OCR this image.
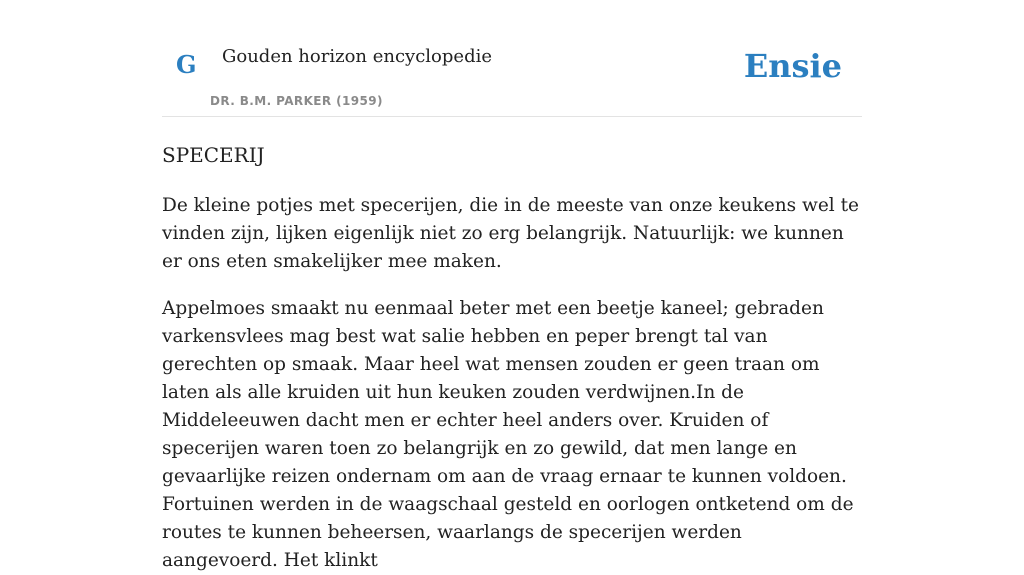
G Gouden horizon encyclopedie
DR. B.M. PARKER (1959)
Ensie
SPECERIJ

De kleine potjes met specerijen, die in de meeste van onze keukens wel te vinden zijn, lijken eigenlijk niet zo erg belangrijk. Natuurlijk: we kunnen er ons eten smakelijker mee maken.

Appelmoes smaakt nu eenmaal beter met een beetje kaneel; gebraden varkensvlees mag best wat salie hebben en peper brengt tal van gerechten op smaak. Maar heel wat mensen zouden er geen traan om laten als alle kruiden uit hun keuken zouden verdwijnen.In de Middeleeuwen dacht men er echter heel anders over. Kruiden of specerijen waren toen zo belangrijk en zo gewild, dat men lange en gevaarlijke reizen ondernam om aan de vraag ernaar te kunnen voldoen. Fortuinen werden in de waagschaal gesteld en oorlogen ontketend om de routes te kunnen beheersen, waarlangs de specerijen werden aangevoerd. Het klinkt
